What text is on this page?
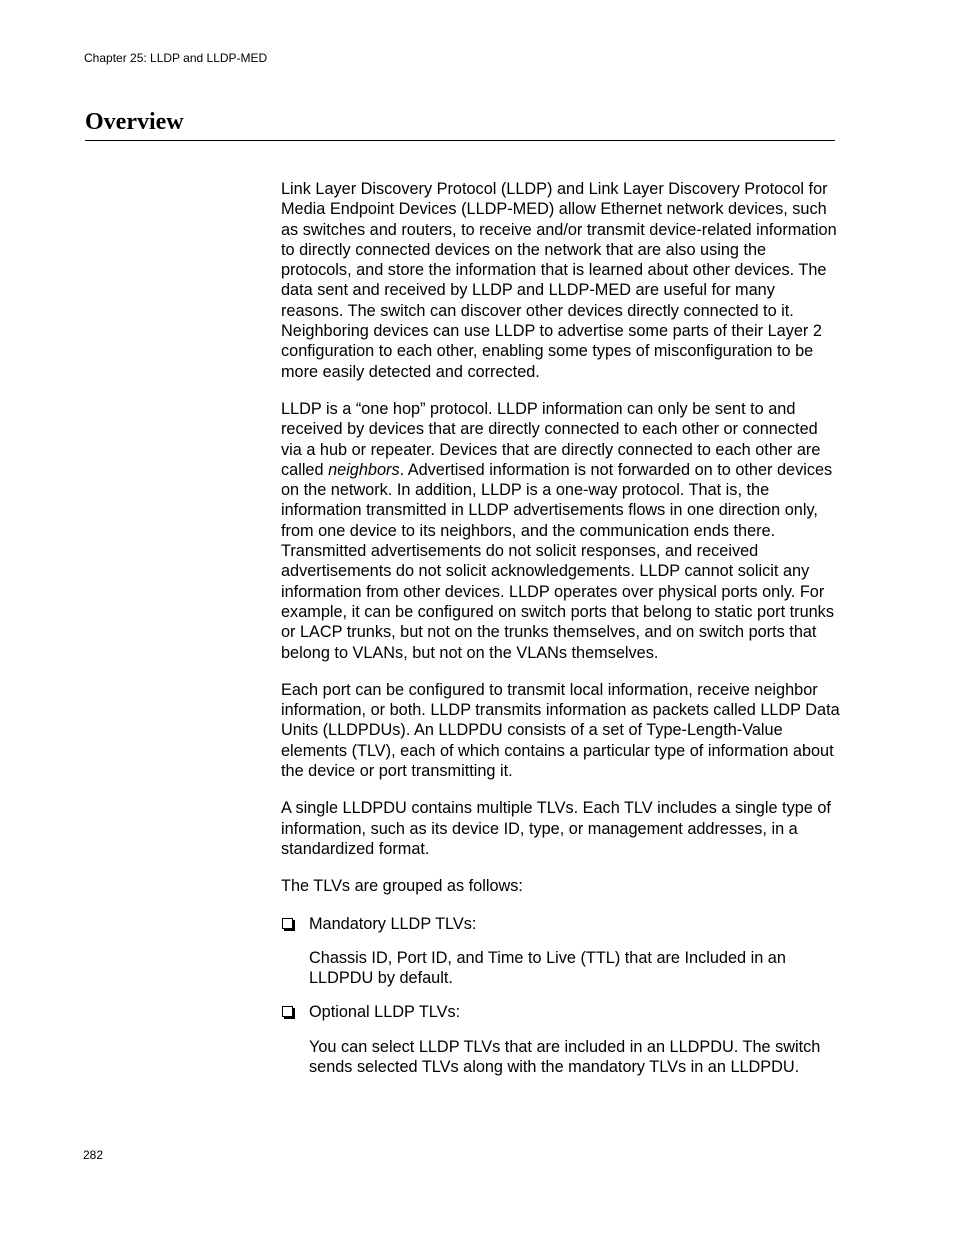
Chapter 25: LLDP and LLDP-MED
Overview

Link Layer Discovery Protocol (LLDP) and Link Layer Discovery Protocol for Media Endpoint Devices (LLDP-MED) allow Ethernet network devices, such as switches and routers, to receive and/or transmit device-related information to directly connected devices on the network that are also using the protocols, and store the information that is learned about other devices. The data sent and received by LLDP and LLDP-MED are useful for many reasons. The switch can discover other devices directly connected to it. Neighboring devices can use LLDP to advertise some parts of their Layer 2 configuration to each other, enabling some types of misconfiguration to be more easily detected and corrected.

LLDP is a “one hop” protocol. LLDP information can only be sent to and received by devices that are directly connected to each other or connected via a hub or repeater. Devices that are directly connected to each other are called neighbors. Advertised information is not forwarded on to other devices on the network. In addition, LLDP is a one-way protocol. That is, the information transmitted in LLDP advertisements flows in one direction only, from one device to its neighbors, and the communication ends there. Transmitted advertisements do not solicit responses, and received advertisements do not solicit acknowledgements. LLDP cannot solicit any information from other devices. LLDP operates over physical ports only. For example, it can be configured on switch ports that belong to static port trunks or LACP trunks, but not on the trunks themselves, and on switch ports that belong to VLANs, but not on the VLANs themselves.

Each port can be configured to transmit local information, receive neighbor information, or both. LLDP transmits information as packets called LLDP Data Units (LLDPDUs). An LLDPDU consists of a set of Type-Length-Value elements (TLV), each of which contains a particular type of information about the device or port transmitting it.

A single LLDPDU contains multiple TLVs. Each TLV includes a single type of information, such as its device ID, type, or management addresses, in a standardized format.

The TLVs are grouped as follows:

Mandatory LLDP TLVs:
Chassis ID, Port ID, and Time to Live (TTL) that are Included in an LLDPDU by default.
Optional LLDP TLVs:
You can select LLDP TLVs that are included in an LLDPDU. The switch sends selected TLVs along with the mandatory TLVs in an LLDPDU.
282
